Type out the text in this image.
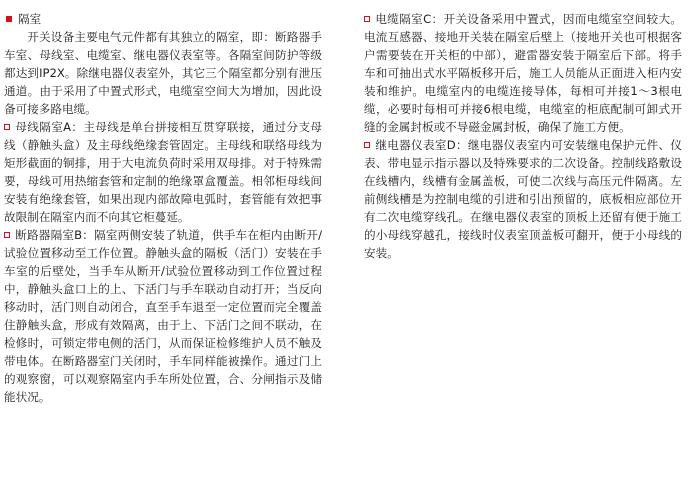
隔室

开关设备主要电气元件都有其独立的隔室，即：断路器手车室、母线室、电缆室、继电器仪表室等。各隔室间防护等级都达到IP2X。除继电器仪表室外，其它三个隔室都分别有泄压通道。由于采用了中置式形式，电缆室空间大为增加，因此设备可接多路电缆。

母线隔室A：主母线是单台拼接相互贯穿联接，通过分支母线（静触头盒）及主母线绝缘套管固定。主母线和联络母线为矩形截面的铜排，用于大电流负荷时采用双母排。对于特殊需要，母线可用热缩套管和定制的绝缘罩盒覆盖。相邻柜母线间安装有绝缘套管，如果出现内部故障电弧时，套管能有效把事故限制在隔室内而不向其它柜蔓延。

断路器隔室B：隔室两侧安装了轨道，供手车在柜内由断开/试验位置移动至工作位置。静触头盒的隔板（活门）安装在手车室的后壁处，当手车从断开/试验位置移动到工作位置过程中，静触头盒口上的上、下活门与手车联动自动打开；当反向移动时，活门则自动闭合，直至手车退至一定位置而完全覆盖住静触头盒，形成有效隔离，由于上、下活门之间不联动，在检修时，可锁定带电侧的活门，从而保证检修维护人员不触及带电体。在断路器室门关闭时，手车同样能被操作。通过门上的观察窗，可以观察隔室内手车所处位置，合、分闸指示及储能状况。

电缆隔室C：开关设备采用中置式，因而电缆室空间较大。电流互感器、接地开关装在隔室后壁上（接地开关也可根据客户需要装在开关柜的中部），避雷器安装于隔室后下部。将手车和可抽出式水平隔板移开后，施工人员能从正面进入柜内安装和维护。电缆室内的电缆连接导体，每相可并接1～3根电缆，必要时每相可并接6根电缆，电缆室的柜底配制可卸式开缝的金属封板或不导磁金属封板，确保了施工方便。

继电器仪表室D：继电器仪表室内可安装继电保护元件、仪表、带电显示指示器以及特殊要求的二次设备。控制线路敷设在线槽内，线槽有金属盖板，可使二次线与高压元件隔离。左前侧线槽是为控制电缆的引进和引出预留的，底板相应部位开有二次电缆穿线孔。在继电器仪表室的顶板上还留有便于施工的小母线穿越孔，接线时仪表室顶盖板可翻开，便于小母线的安装。
